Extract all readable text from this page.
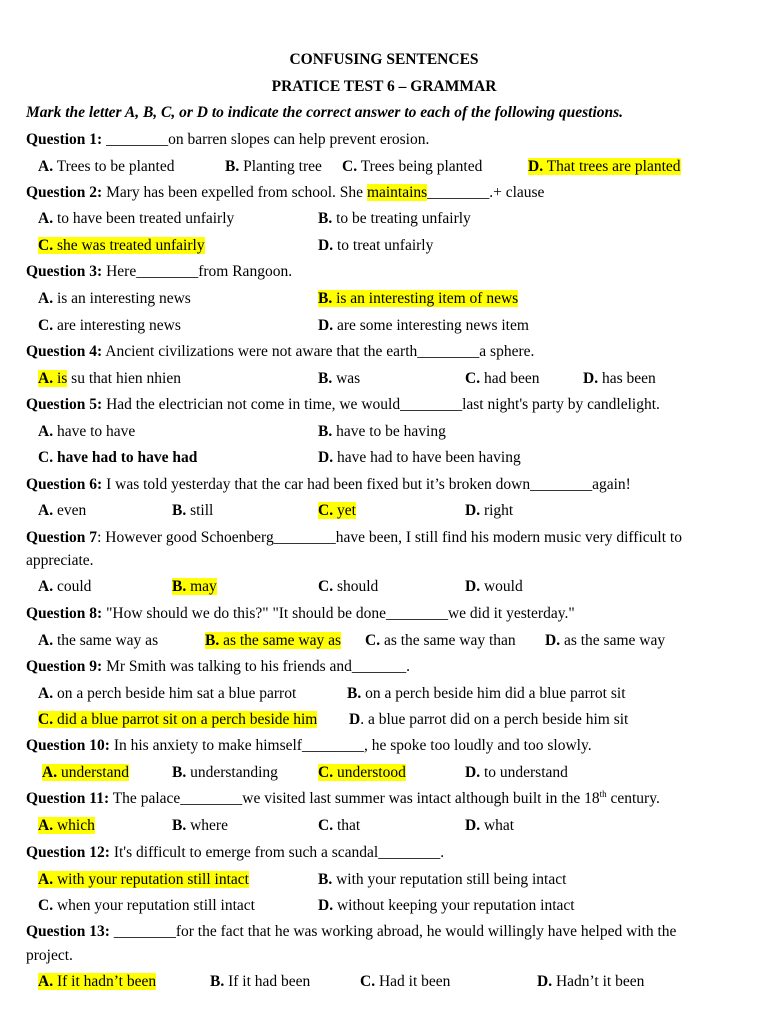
CONFUSING SENTENCES
PRATICE TEST 6 – GRAMMAR
Mark the letter A, B, C, or D to indicate the correct answer to each of the following questions.
Question 1: ________on barren slopes can help prevent erosion.
A. Trees to be planted	B. Planting tree C. Trees being planted	D. That trees are planted
Question 2: Mary has been expelled from school. She maintains________.+ clause
A. to have been treated unfairly	B. to be treating unfairly
C. she was treated unfairly	D. to treat unfairly
Question 3: Here________from Rangoon.
A. is an interesting news	B. is an interesting item of news
C. are interesting news	D. are some interesting news item
Question 4: Ancient civilizations were not aware that the earth________a sphere.
A. is su that hien nhien	B. was	C. had been	D. has been
Question 5: Had the electrician not come in time, we would________last night's party by candlelight.
A. have to have	B. have to be having
C. have had to have had	D. have had to have been having
Question 6: I was told yesterday that the car had been fixed but it’s broken down________again!
A. even	B. still	C. yet	D. right
Question 7: However good Schoenberg________have been, I still find his modern music very difficult to
appreciate.
A. could	B. may	C. should	D. would
Question 8: "How should we do this?" "It should be done________we did it yesterday."
A. the same way as	B. as the same way as C. as the same way than D. as the same way
Question 9: Mr Smith was talking to his friends and_______.
A. on a perch beside him sat a blue parrot	B. on a perch beside him did a blue parrot sit
C. did a blue parrot sit on a perch beside him D. a blue parrot did on a perch beside him sit
Question 10: In his anxiety to make himself________, he spoke too loudly and too slowly.
A. understand	B. understanding	C. understood	D. to understand
Question 11: The palace________we visited last summer was intact although built in the 18th century.
A. which	B. where	C. that	D. what
Question 12: It's difficult to emerge from such a scandal________.
A. with your reputation still intact	B. with your reputation still being intact
C. when your reputation still intact	D. without keeping your reputation intact
Question 13: ________for the fact that he was working abroad, he would willingly have helped with the
project.
A. If it hadn’t been	B. If it had been	C. Had it been	D. Hadn’t it been
